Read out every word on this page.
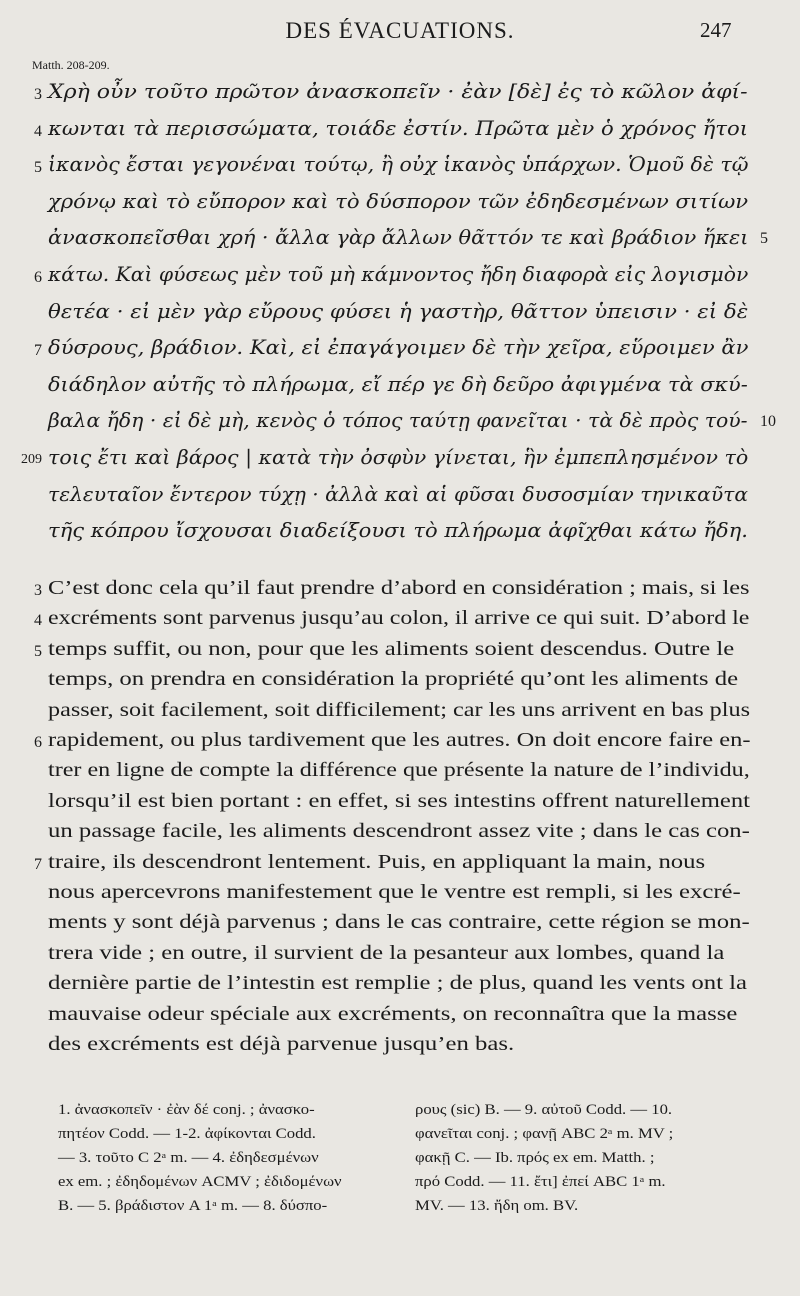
DES ÉVACUATIONS.	247
Matth. 208-209.
Χρὴ οὖν τοῦτο πρῶτον ἀνασκοπεῖν · ἐὰν [δὲ] ἐς τὸ κῶλον ἀφί-
κωνται τὰ περισσώματα, τοιάδε ἐστίν. Πρῶτα μὲν ὁ χρόνος ἤτοι
ἱκανὸς ἔσται γεγονέναι τούτῳ, ἢ οὐχ ἱκανὸς ὑπάρχων. Ὁμοῦ δὲ τῷ
χρόνῳ καὶ τὸ εὔπορον καὶ τὸ δύσπορον τῶν ἐδηδεσμένων σιτίων
ἀνασκοπεῖσθαι χρή · ἄλλα γὰρ ἄλλων θᾶττόν τε καὶ βράδιον ἥκει
κάτω. Καὶ φύσεως μὲν τοῦ μὴ κάμνοντος ἤδη διαφορὰ εἰς λογισμὸν
θετέα · εἰ μὲν γὰρ εὔρους φύσει ἡ γαστὴρ, θᾶττον ὑπεισιν · εἰ δὲ
δύσρους, βράδιον. Καὶ, εἰ ἐπαγάγοιμεν δὲ τὴν χεῖρα, εὕροιμεν ἂν
διάδηλον αὐτῆς τὸ πλήρωμα, εἴ πέρ γε δὴ δεῦρο ἀφιγμένα τὰ σκύ-
βαλα ἤδη · εἰ δὲ μὴ, κενὸς ὁ τόπος ταύτῃ φανεῖται · τὰ δὲ πρὸς τού-
τοις ἔτι καὶ βάρος | κατὰ τὴν ὀσφὺν γίνεται, ἣν ἐμπεπλησμένον τὸ
τελευταῖον ἔντερον τύχῃ · ἀλλὰ καὶ αἱ φῦσαι δυσοσμίαν τηνικαῦτα
τῆς κόπρου ἴσχουσαι διαδείξουσι τὸ πλήρωμα ἀφῖχθαι κάτω ἤδη.
3
4
5
6
7
209
5
10
C’est donc cela qu’il faut prendre d’abord en considération ; mais, si les
excréments sont parvenus jusqu’au colon, il arrive ce qui suit. D’abord le
temps suffit, ou non, pour que les aliments soient descendus. Outre le
temps, on prendra en considération la propriété qu’ont les aliments de
passer, soit facilement, soit difficilement; car les uns arrivent en bas plus
rapidement, ou plus tardivement que les autres. On doit encore faire en-
trer en ligne de compte la différence que présente la nature de l’individu,
lorsqu’il est bien portant : en effet, si ses intestins offrent naturellement
un passage facile, les aliments descendront assez vite ; dans le cas con-
traire, ils descendront lentement. Puis, en appliquant la main, nous
nous apercevrons manifestement que le ventre est rempli, si les excré-
ments y sont déjà parvenus ; dans le cas contraire, cette région se mon-
trera vide ; en outre, il survient de la pesanteur aux lombes, quand la
dernière partie de l’intestin est remplie ; de plus, quand les vents ont la
mauvaise odeur spéciale aux excréments, on reconnaîtra que la masse
des excréments est déjà parvenue jusqu’en bas.
3
4
5
6
7
1. ἀνασκοπεῖν · ἐὰν δέ conj. ; ἀνασκο-
πητέον Codd. — 1-2. ἀφίκονται Codd.
— 3. τοῦτο C 2ᵃ m. — 4. ἐδηδεσμένων
ex em. ; ἐδηδομένων ACMV ; ἐδιδομένων
B. — 5. βράδιστον A 1ᵃ m. — 8. δύσπο-
ρους (sic) B. — 9. αὐτοῦ Codd. — 10.
φανεῖται conj. ; φανῇ ABC 2ᵃ m. MV ;
φακῇ C. — Ib. πρός ex em. Matth. ;
πρό Codd. — 11. ἔτι] ἐπεί ABC 1ᵃ m.
MV. — 13. ἤδη om. BV.
